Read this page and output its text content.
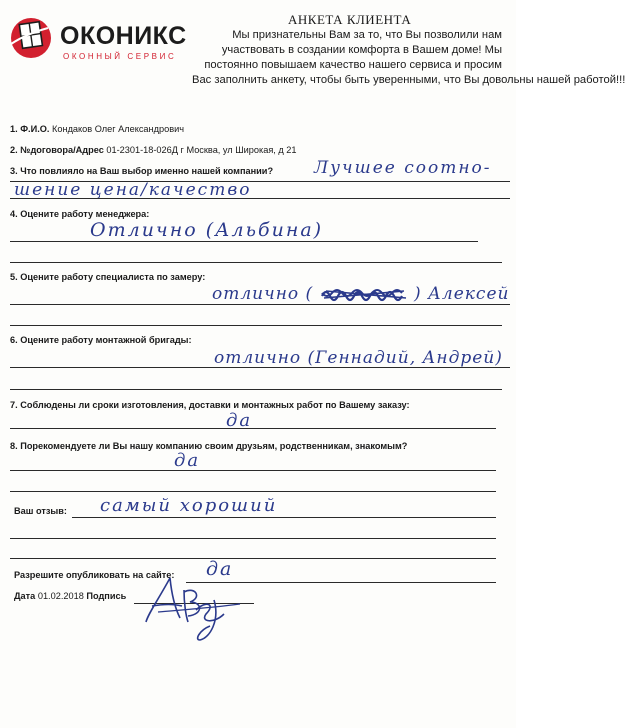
ОКОНИКС
ОКОННЫЙ СЕРВИС
АНКЕТА КЛИЕНТА
Мы признательны Вам за то, что Вы позволили нам
участвовать в создании комфорта в Вашем доме! Мы
постоянно повышаем качество нашего сервиса и просим
Вас заполнить анкету, чтобы быть уверенными, что Вы довольны нашей работой!!!
1. Ф.И.О. Кондаков Олег Александрович
2. №договора/Адрес 01-2301-18-026Д г Москва, ул Широкая, д 21
3. Что повлияло на Ваш выбор именно нашей компании? Лучшее соотно-
шение цена/качество
4. Оцените работу менеджера:
Отлично (Альбина)
5. Оцените работу специалиста по замеру:
отлично (	) Алексей
6. Оцените работу монтажной бригады:
отлично (Геннадий, Андрей)
7. Соблюдены ли сроки изготовления, доставки и монтажных работ по Вашему заказу:
да
8. Порекомендуете ли Вы нашу компанию своим друзьям, родственникам, знакомым?
да
Ваш отзыв: самый хороший
Разрешите опубликовать на сайте: да
Дата 01.02.2018 Подпись
